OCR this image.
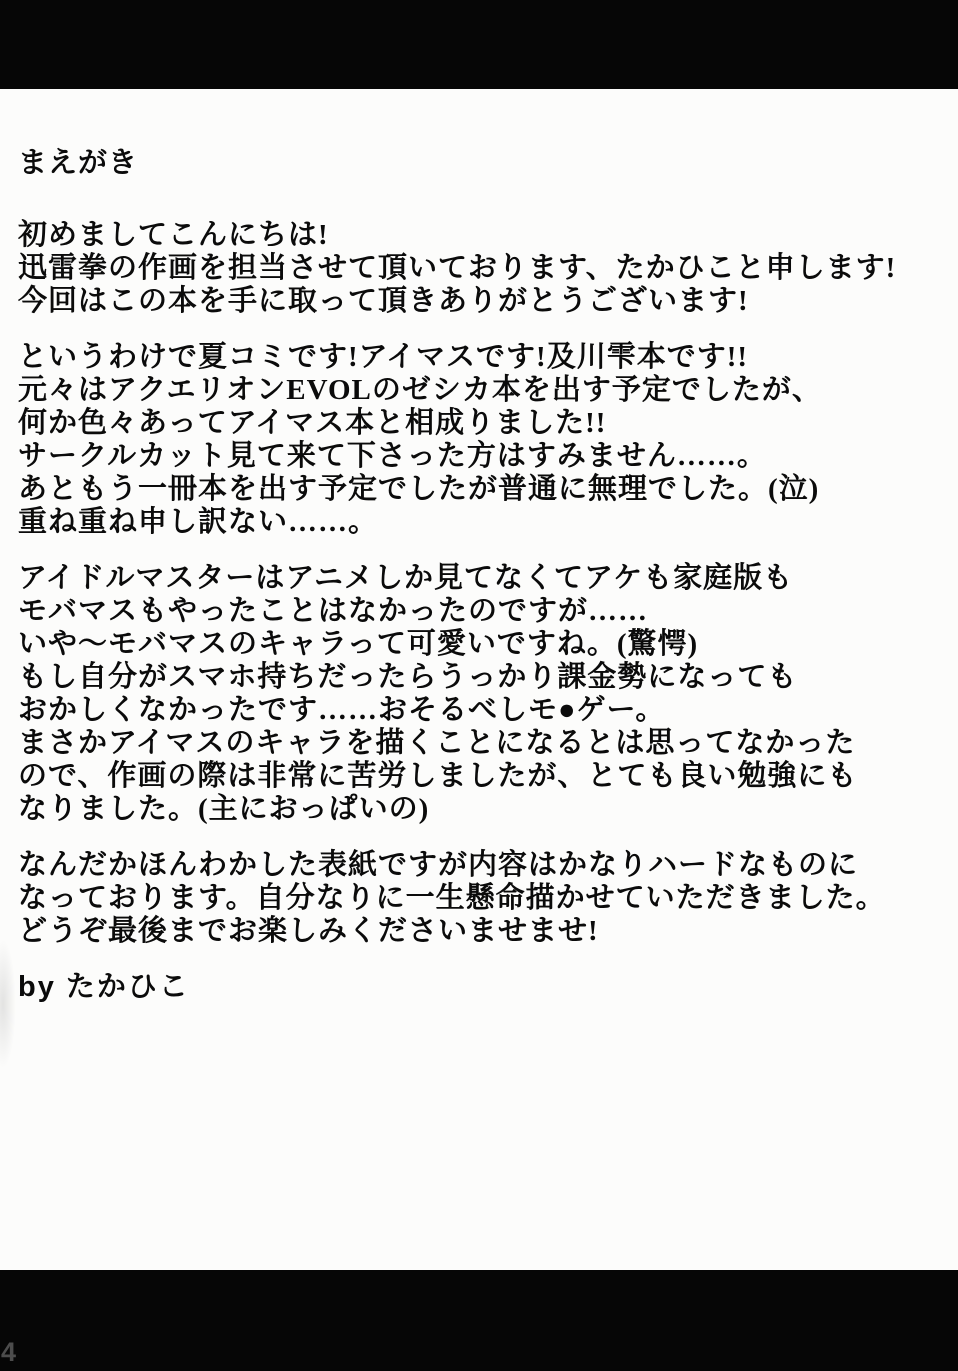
まえがき
初めましてこんにちは!
迅雷拳の作画を担当させて頂いております、たかひこと申します!
今回はこの本を手に取って頂きありがとうございます!
というわけで夏コミです!アイマスです!及川雫本です!!
元々はアクエリオンEVOLのゼシカ本を出す予定でしたが、
何か色々あってアイマス本と相成りました!!
サークルカット見て来て下さった方はすみません……。
あともう一冊本を出す予定でしたが普通に無理でした。(泣)
重ね重ね申し訳ない……。
アイドルマスターはアニメしか見てなくてアケも家庭版も
モバマスもやったことはなかったのですが……
いや〜モバマスのキャラって可愛いですね。(驚愕)
もし自分がスマホ持ちだったらうっかり課金勢になっても
おかしくなかったです……おそるべしモ●ゲー。
まさかアイマスのキャラを描くことになるとは思ってなかった
ので、作画の際は非常に苦労しましたが、とても良い勉強にも
なりました。(主におっぱいの)
なんだかほんわかした表紙ですが内容はかなりハードなものに
なっております。自分なりに一生懸命描かせていただきました。
どうぞ最後までお楽しみくださいませませ!
by たかひこ
4
